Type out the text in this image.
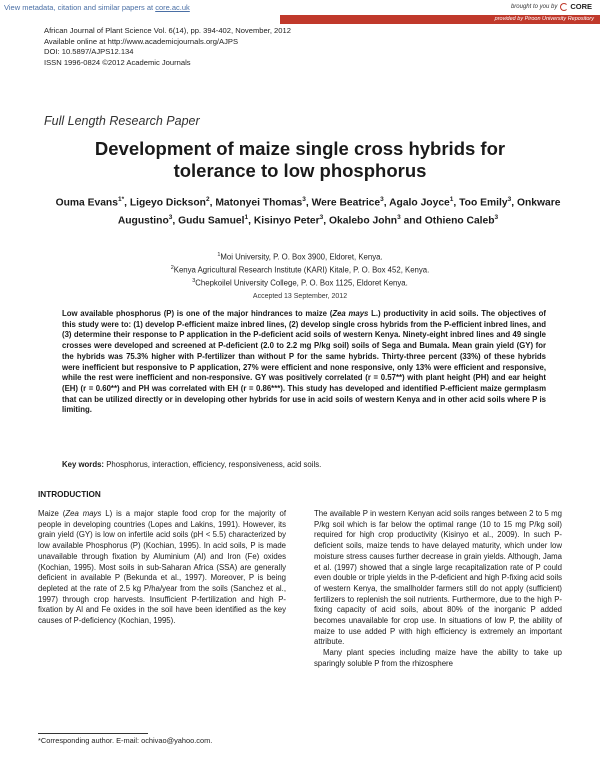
View metadata, citation and similar papers at core.ac.uk	brought to you by CORE
provided by Piroon University Repository
African Journal of Plant Science Vol. 6(14), pp. 394-402, November, 2012
Available online at http://www.academicjournals.org/AJPS
DOI: 10.5897/AJPS12.134
ISSN 1996-0824 ©2012 Academic Journals
Full Length Research Paper
Development of maize single cross hybrids for
tolerance to low phosphorus
Ouma Evans$^{1*}$, Ligeyo Dickson$^2$, Matonyei Thomas$^3$, Were Beatrice$^3$, Agalo Joyce$^1$, Too Emily$^3$, Onkware Augustino$^3$, Gudu Samuel$^1$, Kisinyo Peter$^3$, Okalebo John$^3$ and Othieno Caleb$^3$
$^1$Moi University, P. O. Box 3900, Eldoret, Kenya.
$^2$Kenya Agricultural Research Institute (KARI) Kitale, P. O. Box 452, Kenya.
$^3$Chepkoilel University College, P. O. Box 1125, Eldoret Kenya.
Accepted 13 September, 2012
Low available phosphorus (P) is one of the major hindrances to maize (Zea mays L.) productivity in acid soils. The objectives of this study were to: (1) develop P-efficient maize inbred lines, (2) develop single cross hybrids from the P-efficient inbred lines, and (3) determine their response to P application in the P-deficient acid soils of western Kenya. Ninety-eight inbred lines and 49 single crosses were developed and screened at P-deficient (2.0 to 2.2 mg P/kg soil) soils of Sega and Bumala. Mean grain yield (GY) for the hybrids was 75.3% higher with P-fertilizer than without P for the same hybrids. Thirty-three percent (33%) of these hybrids were inefficient but responsive to P application, 27% were efficient and none responsive, only 13% were efficient and responsive, while the rest were inefficient and non-responsive. GY was positively correlated (r = 0.57**) with plant height (PH) and ear height (EH) (r = 0.60**) and PH was correlated with EH (r = 0.86***). This study has developed and identified P-efficient maize germplasm that can be utilized directly or in developing other hybrids for use in acid soils of western Kenya and in other acid soils where P is limiting.
Key words: Phosphorus, interaction, efficiency, responsiveness, acid soils.
INTRODUCTION

Maize (Zea mays L) is a major staple food crop for the majority of people in developing countries (Lopes and Lakins, 1991). However, its grain yield (GY) is low on infertile acid soils (pH < 5.5) characterized by low available Phosphorus (P) (Kochian, 1995). In acid soils, P is made unavailable through fixation by Aluminium (Al) and Iron (Fe) oxides (Kochian, 1995). Most soils in sub-Saharan Africa (SSA) are generally deficient in available P (Bekunda et al., 1997). Moreover, P is being depleted at the rate of 2.5 kg P/ha/year from the soils (Sanchez et al., 1997) through crop harvests. Insufficient P-fertilization and high P-fixation by Al and Fe oxides in the soil have been identified as the key causes of P-deficiency (Kochian, 1995).

The available P in western Kenyan acid soils ranges between 2 to 5 mg P/kg soil which is far below the optimal range (10 to 15 mg P/kg soil) required for high crop productivity (Kisinyo et al., 2009). In such P-deficient soils, maize tends to have delayed maturity, which under low moisture stress causes further decrease in grain yields. Although, Jama et al. (1997) showed that a single large recapitalization rate of P could even double or triple yields in the P-deficient and high P-fixing acid soils of western Kenya, the smallholder farmers still do not apply (sufficient) fertilizers to replenish the soil nutrients. Furthermore, due to the high P-fixing capacity of acid soils, about 80% of the inorganic P added becomes unavailable for crop use. In situations of low P, the ability of maize to use added P with high efficiency is extremely an important attribute.

Many plant species including maize have the ability to take up sparingly soluble P from the rhizosphere

*Corresponding author. E-mail: ochivao@yahoo.com.
